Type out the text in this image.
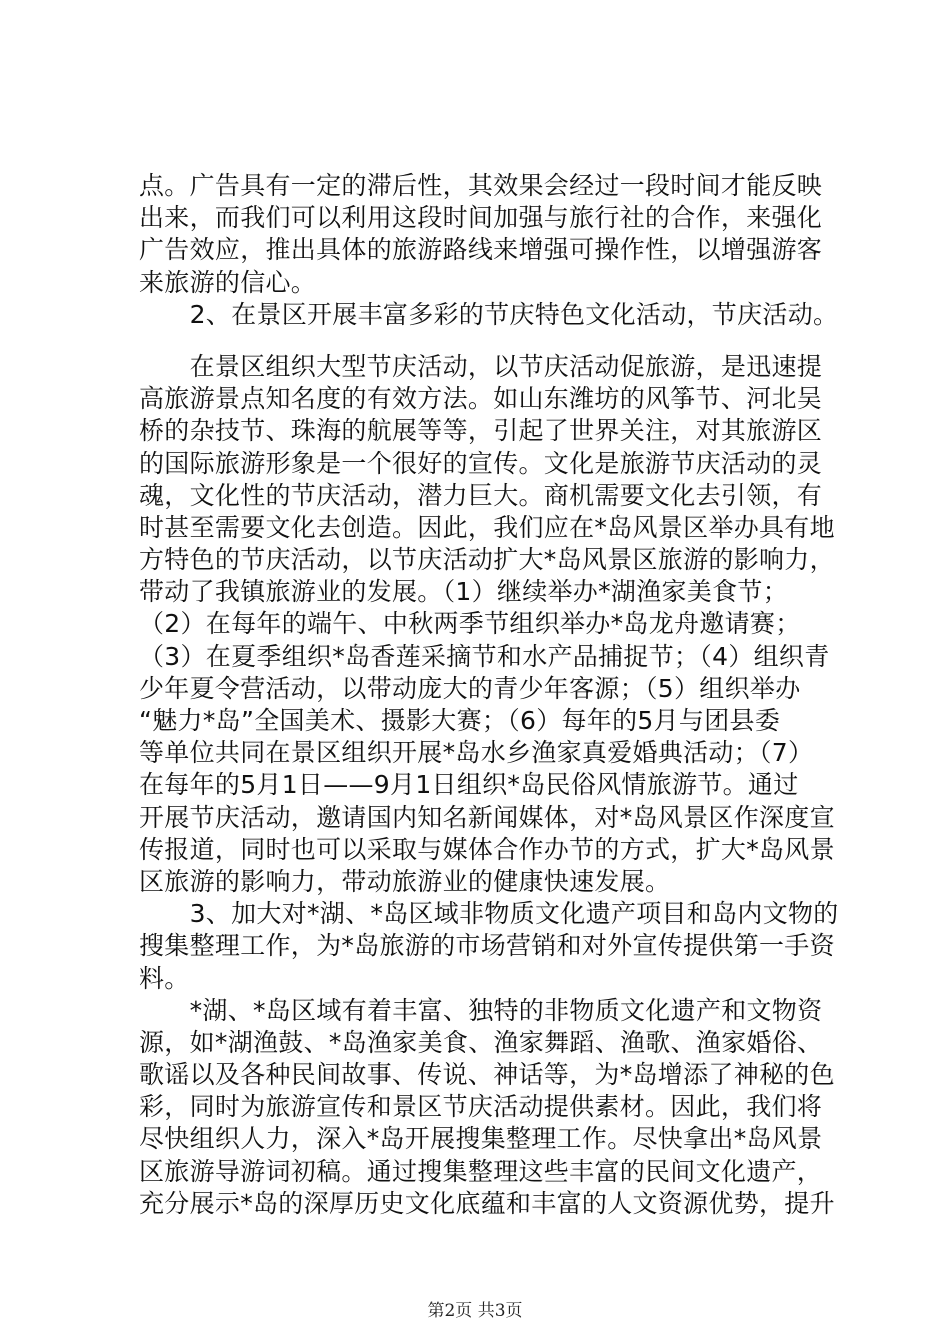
点。广告具有一定的滞后性，其效果会经过一段时间才能反映
出来，而我们可以利用这段时间加强与旅行社的合作，来强化
广告效应，推出具体的旅游路线来增强可操作性，以增强游客
来旅游的信心。
　　2、在景区开展丰富多彩的节庆特色文化活动，节庆活动。
　　在景区组织大型节庆活动，以节庆活动促旅游，是迅速提
高旅游景点知名度的有效方法。如山东潍坊的风筝节、河北吴
桥的杂技节、珠海的航展等等，引起了世界关注，对其旅游区
的国际旅游形象是一个很好的宣传。文化是旅游节庆活动的灵
魂，文化性的节庆活动，潜力巨大。商机需要文化去引领，有
时甚至需要文化去创造。因此，我们应在*岛风景区举办具有地
方特色的节庆活动，以节庆活动扩大*岛风景区旅游的影响力，
带动了我镇旅游业的发展。（1）继续举办*湖渔家美食节；
（2）在每年的端午、中秋两季节组织举办*岛龙舟邀请赛；
（3）在夏季组织*岛香莲采摘节和水产品捕捉节；（4）组织青
少年夏令营活动，以带动庞大的青少年客源；（5）组织举办
“魅力*岛”全国美术、摄影大赛；（6）每年的5月与团县委
等单位共同在景区组织开展*岛水乡渔家真爱婚典活动；（7）
在每年的5月1日——9月1日组织*岛民俗风情旅游节。通过
开展节庆活动，邀请国内知名新闻媒体，对*岛风景区作深度宣
传报道，同时也可以采取与媒体合作办节的方式，扩大*岛风景
区旅游的影响力，带动旅游业的健康快速发展。
　　3、加大对*湖、*岛区域非物质文化遗产项目和岛内文物的
搜集整理工作，为*岛旅游的市场营销和对外宣传提供第一手资
料。
　　*湖、*岛区域有着丰富、独特的非物质文化遗产和文物资
源，如*湖渔鼓、*岛渔家美食、渔家舞蹈、渔歌、渔家婚俗、
歌谣以及各种民间故事、传说、神话等，为*岛增添了神秘的色
彩，同时为旅游宣传和景区节庆活动提供素材。因此，我们将
尽快组织人力，深入*岛开展搜集整理工作。尽快拿出*岛风景
区旅游导游词初稿。通过搜集整理这些丰富的民间文化遗产，
充分展示*岛的深厚历史文化底蕴和丰富的人文资源优势，提升
第2页 共3页
